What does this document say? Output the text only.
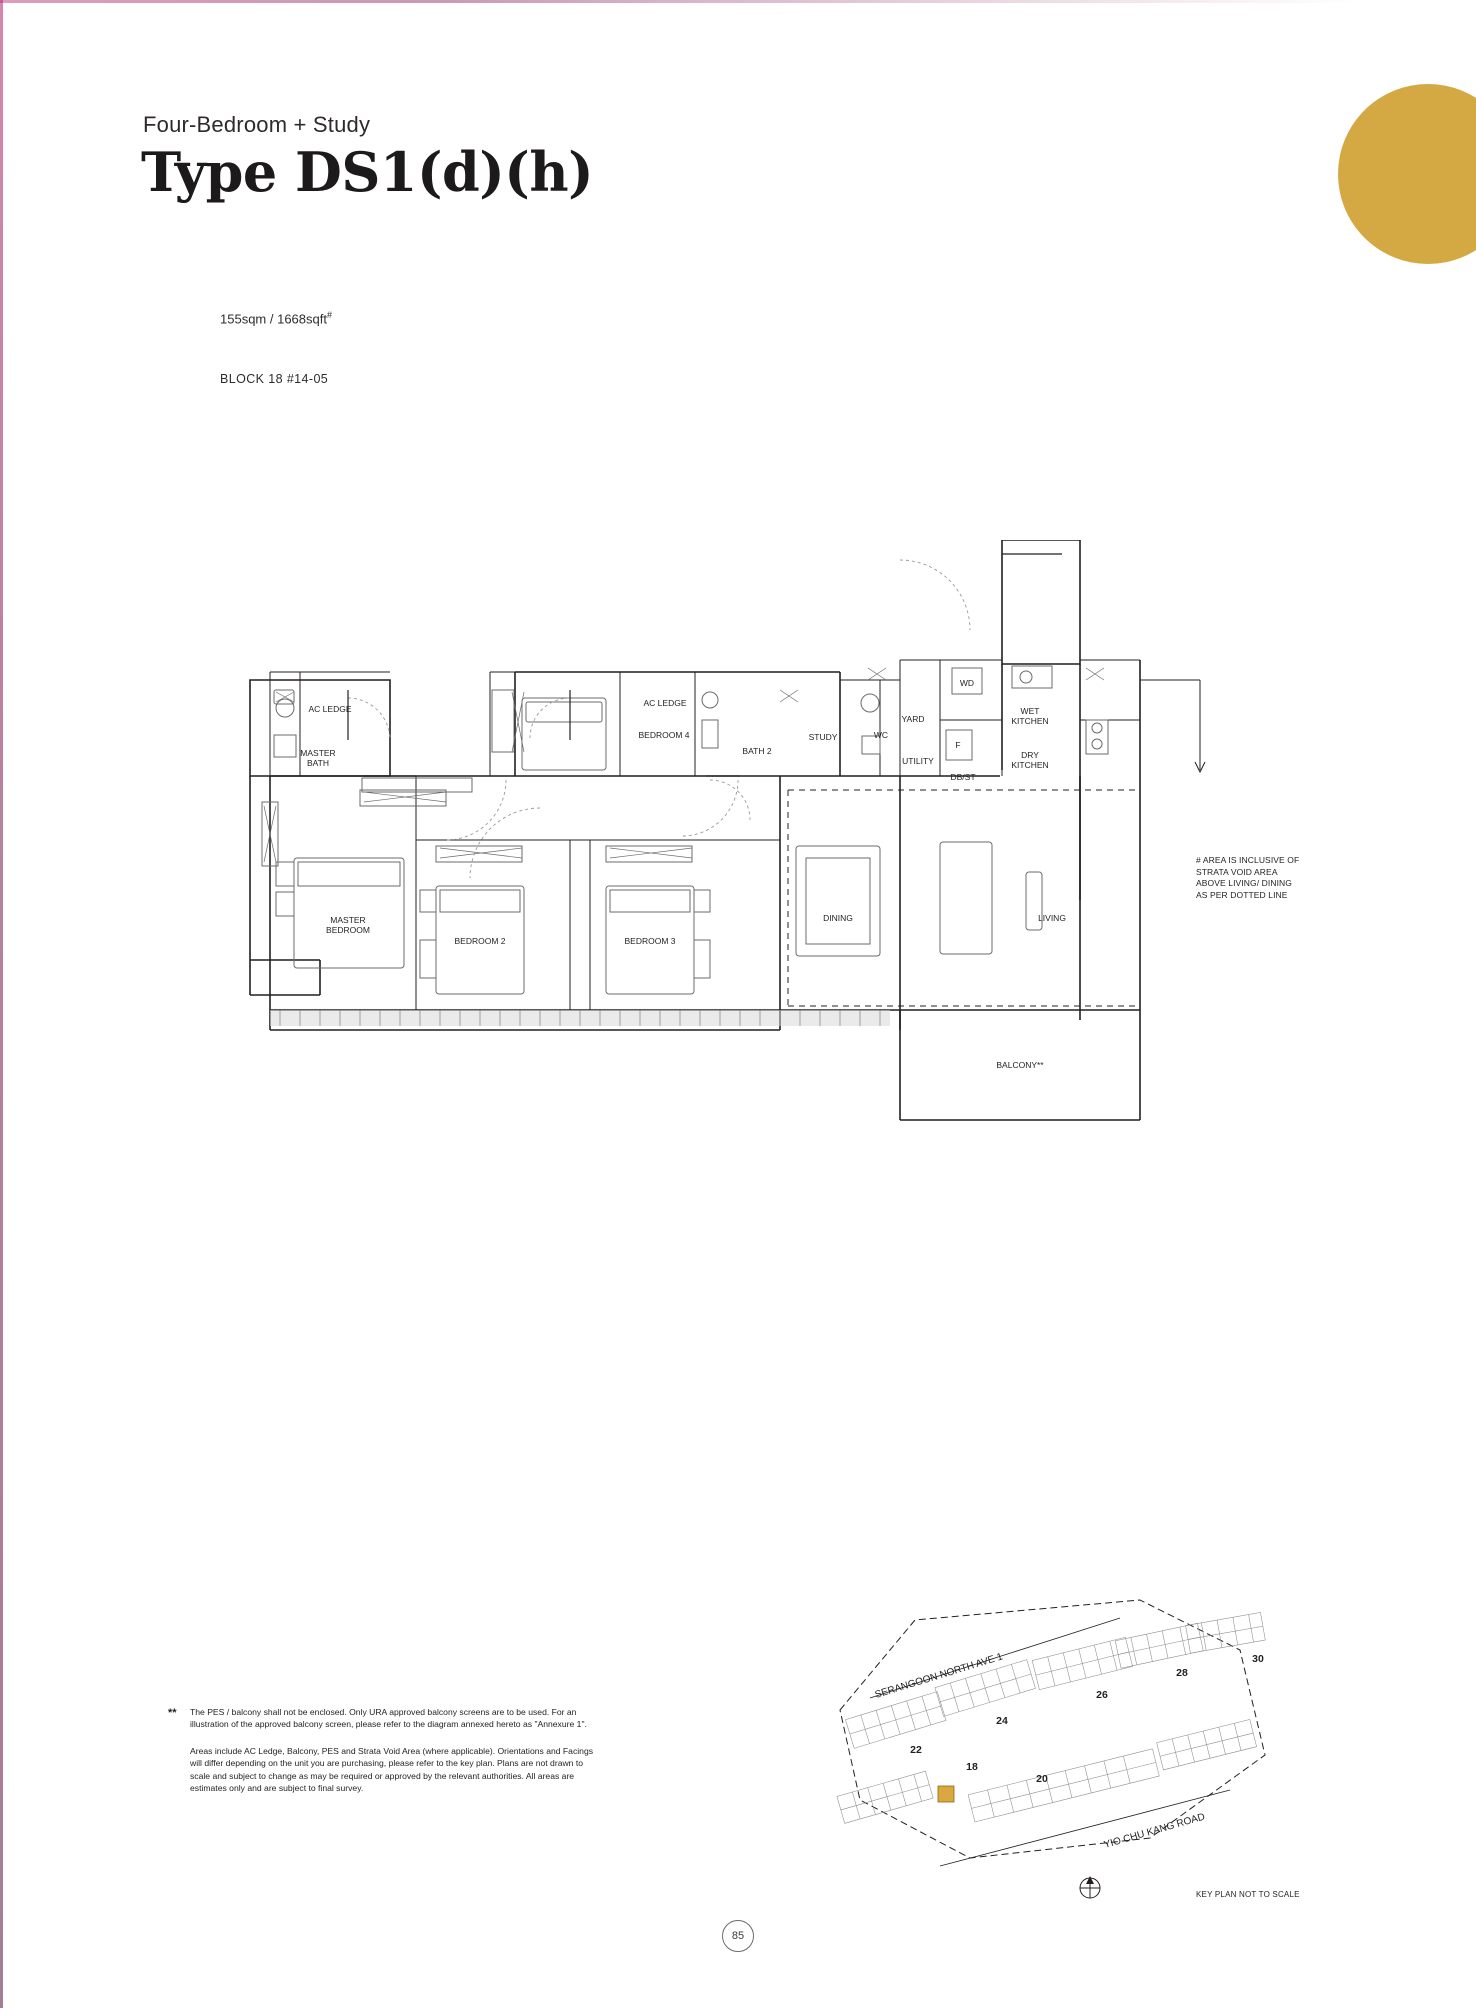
Four-Bedroom + Study
Type DS1(d)(h)
155sqm / 1668sqft#
BLOCK 18 #14-05
AC LEDGE
AC LEDGE
WD
YARD
WET
KITCHEN
WC
BEDROOM 4	STUDY
BATH 2
MASTER
BATH	UTILITY
F
DRY
KITCHEN
DB/ST
MASTER
BEDROOM
BEDROOM 2	BEDROOM 3
DINING	LIVING
BALCONY**
# AREA IS INCLUSIVE OF
STRATA VOID AREA
ABOVE LIVING/ DINING
AS PER DOTTED LINE
** The PES / balcony shall not be enclosed. Only URA approved balcony screens are to be used. For an illustration of the approved balcony screen, please refer to the diagram annexed hereto as "Annexure 1".
Areas include AC Ledge, Balcony, PES and Strata Void Area (where applicable). Orientations and Facings will differ depending on the unit you are purchasing, please refer to the key plan. Plans are not drawn to scale and subject to change as may be required or approved by the relevant authorities. All areas are estimates only and are subject to final survey.
SERANGOON NORTH AVE 1
YIO CHU KANG ROAD
22
24
26
28
30
18
20
KEY PLAN NOT TO SCALE
85
